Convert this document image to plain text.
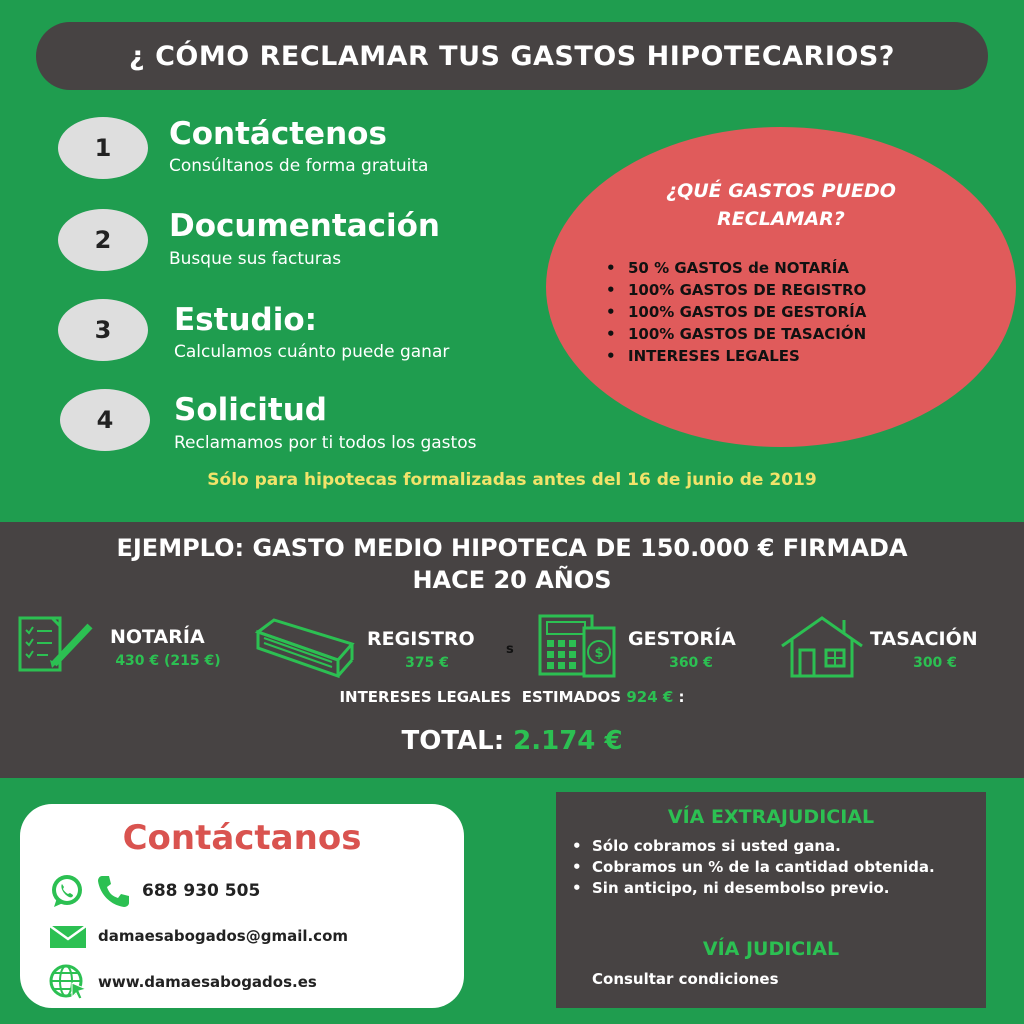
¿ CÓMO RECLAMAR TUS GASTOS HIPOTECARIOS?
1	Contáctenos
Consúltanos de forma gratuita
2	Documentación
Busque sus facturas
3	Estudio:
Calculamos cuánto puede ganar
4	Solicitud
Reclamamos por ti todos los gastos
¿QUÉ GASTOS PUEDO
RECLAMAR?
• 50 % GASTOS de NOTARÍA
• 100% GASTOS DE REGISTRO
• 100% GASTOS DE GESTORÍA
• 100% GASTOS DE TASACIÓN
• INTERESES LEGALES
Sólo para hipotecas formalizadas antes del 16 de junio de 2019
EJEMPLO: GASTO MEDIO HIPOTECA DE 150.000 € FIRMADA
HACE 20 AÑOS
NOTARÍA
430 € (215 €)
REGISTRO
375 €
s	$
GESTORÍA
360 €
TASACIÓN
300 €
INTERESES LEGALES  ESTIMADOS 924 € :
TOTAL: 2.174 €
Contáctanos
688 930 505
damaesabogados@gmail.com
www.damaesabogados.es
VÍA EXTRAJUDICIAL
• Sólo cobramos si usted gana.
• Cobramos un % de la cantidad obtenida.
• Sin anticipo, ni desembolso previo.
VÍA JUDICIAL
Consultar condiciones
